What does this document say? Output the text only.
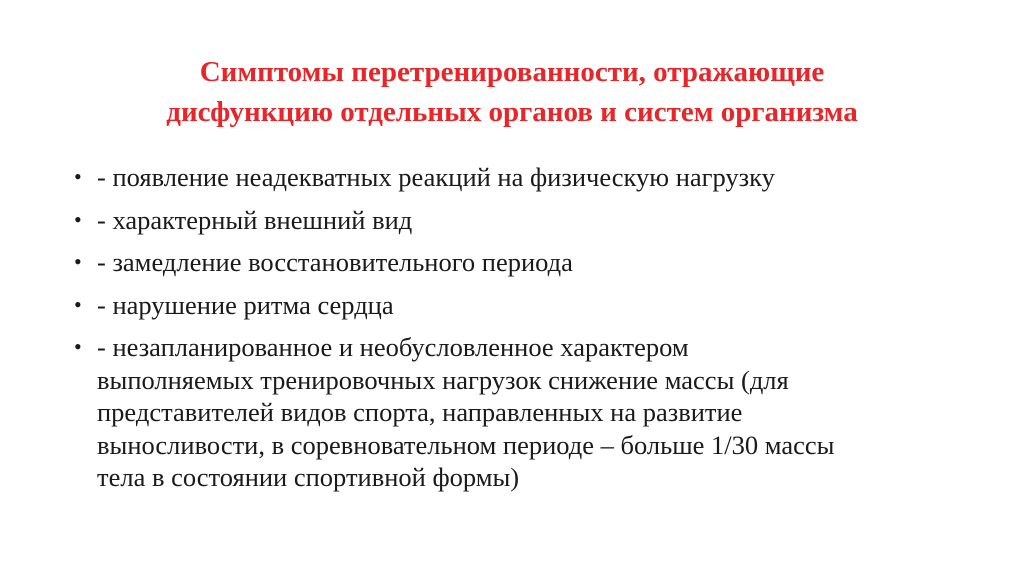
Симптомы перетренированности, отражающие
дисфункцию отдельных органов и систем организма
• - появление неадекватных реакций на физическую нагрузку
• - характерный внешний вид
• - замедление восстановительного периода
• - нарушение ритма сердца
• - незапланированное и необусловленное характером
выполняемых тренировочных нагрузок снижение массы (для
представителей видов спорта, направленных на развитие
выносливости, в соревновательном периоде – больше 1/30 массы
тела в состоянии спортивной формы)
